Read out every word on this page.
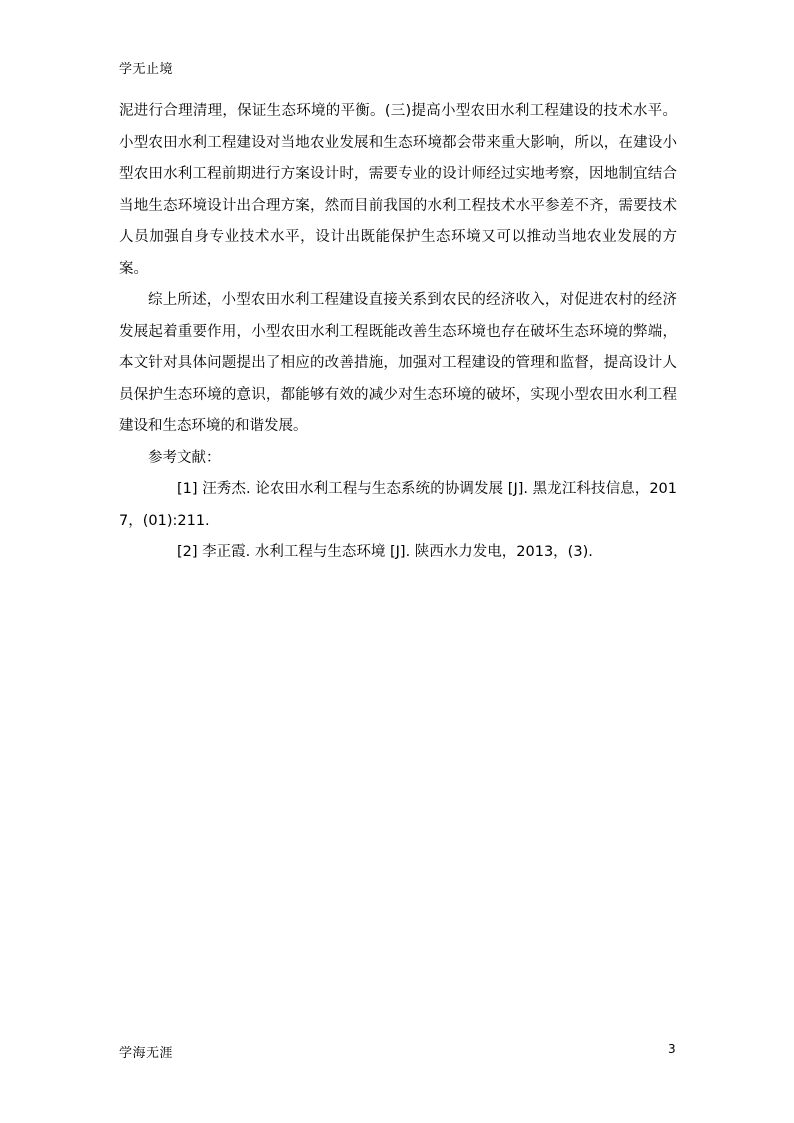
学无止境

泥进行合理清理，保证生态环境的平衡。(三)提高小型农田水利工程建设的技术水平。小型农田水利工程建设对当地农业发展和生态环境都会带来重大影响，所以，在建设小型农田水利工程前期进行方案设计时，需要专业的设计师经过实地考察，因地制宜结合当地生态环境设计出合理方案，然而目前我国的水利工程技术水平参差不齐，需要技术人员加强自身专业技术水平，设计出既能保护生态环境又可以推动当地农业发展的方案。

综上所述，小型农田水利工程建设直接关系到农民的经济收入，对促进农村的经济发展起着重要作用，小型农田水利工程既能改善生态环境也存在破坏生态环境的弊端，本文针对具体问题提出了相应的改善措施，加强对工程建设的管理和监督，提高设计人员保护生态环境的意识，都能够有效的减少对生态环境的破坏，实现小型农田水利工程建设和生态环境的和谐发展。

参考文献：

[1] 汪秀杰. 论农田水利工程与生态系统的协调发展 [J]. 黑龙江科技信息，2017，(01):211.

[2] 李正霞. 水利工程与生态环境 [J]. 陕西水力发电，2013，(3).

学海无涯	3
